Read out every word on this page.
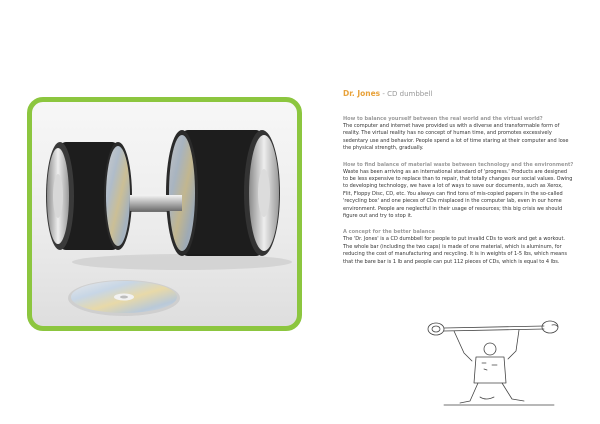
Dr. Jones - CD dumbbell
How to balance yourself between the real world and the virtual world?
The computer and internet have provided us with a diverse and transformable form of reality. The virtual reality has no concept of human time, and promotes excessively sedentary use and behavior. People spend a lot of time staring at their computer and lose the physical strength, gradually.
How to find balance of material waste between technology and the environment?
Waste has been arriving as an international standard of 'progress.' Products are designed to be less expensive to replace than to repair, that totally changes our social values. Owing to developing technology, we have a lot of ways to save our documents, such as Xerox, Flit, Floppy Disc, CD, etc. You always can find tons of mis-copied papers in the so-called 'recycling box' and one pieces of CDs misplaced in the computer lab, even in our home environment. People are neglectful in their usage of resources; this big crisis we should figure out and try to stop it.
A concept for the better balance
The 'Dr. Jones' is a CD dumbbell for people to put invalid CDs to work and get a workout. The whole bar (including the two caps) is made of one material, which is aluminum, for reducing the cost of manufacturing and recycling. It is in weights of 1-5 lbs, which means that the bare bar is 1 lb and people can put 112 pieces of CDs, which is equal to 4 lbs.
